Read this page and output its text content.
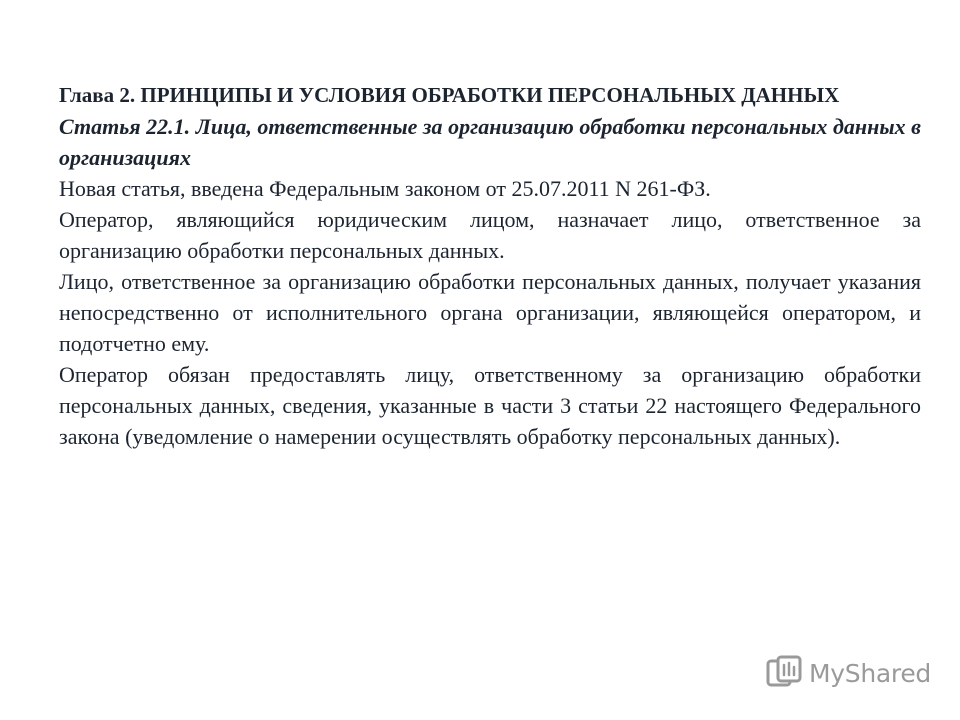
Глава 2. ПРИНЦИПЫ И УСЛОВИЯ ОБРАБОТКИ ПЕРСОНАЛЬНЫХ ДАННЫХ

Статья 22.1. Лица, ответственные за организацию обработки персональных данных в организациях

Новая статья, введена Федеральным законом от 25.07.2011 N 261-ФЗ.

Оператор, являющийся юридическим лицом, назначает лицо, ответственное за организацию обработки персональных данных.

Лицо, ответственное за организацию обработки персональных данных, получает указания непосредственно от исполнительного органа организации, являющейся оператором, и подотчетно ему.

Оператор обязан предоставлять лицу, ответственному за организацию обработки персональных данных, сведения, указанные в части 3 статьи 22 настоящего Федерального закона (уведомление о намерении осуществлять обработку персональных данных).

MyShared
